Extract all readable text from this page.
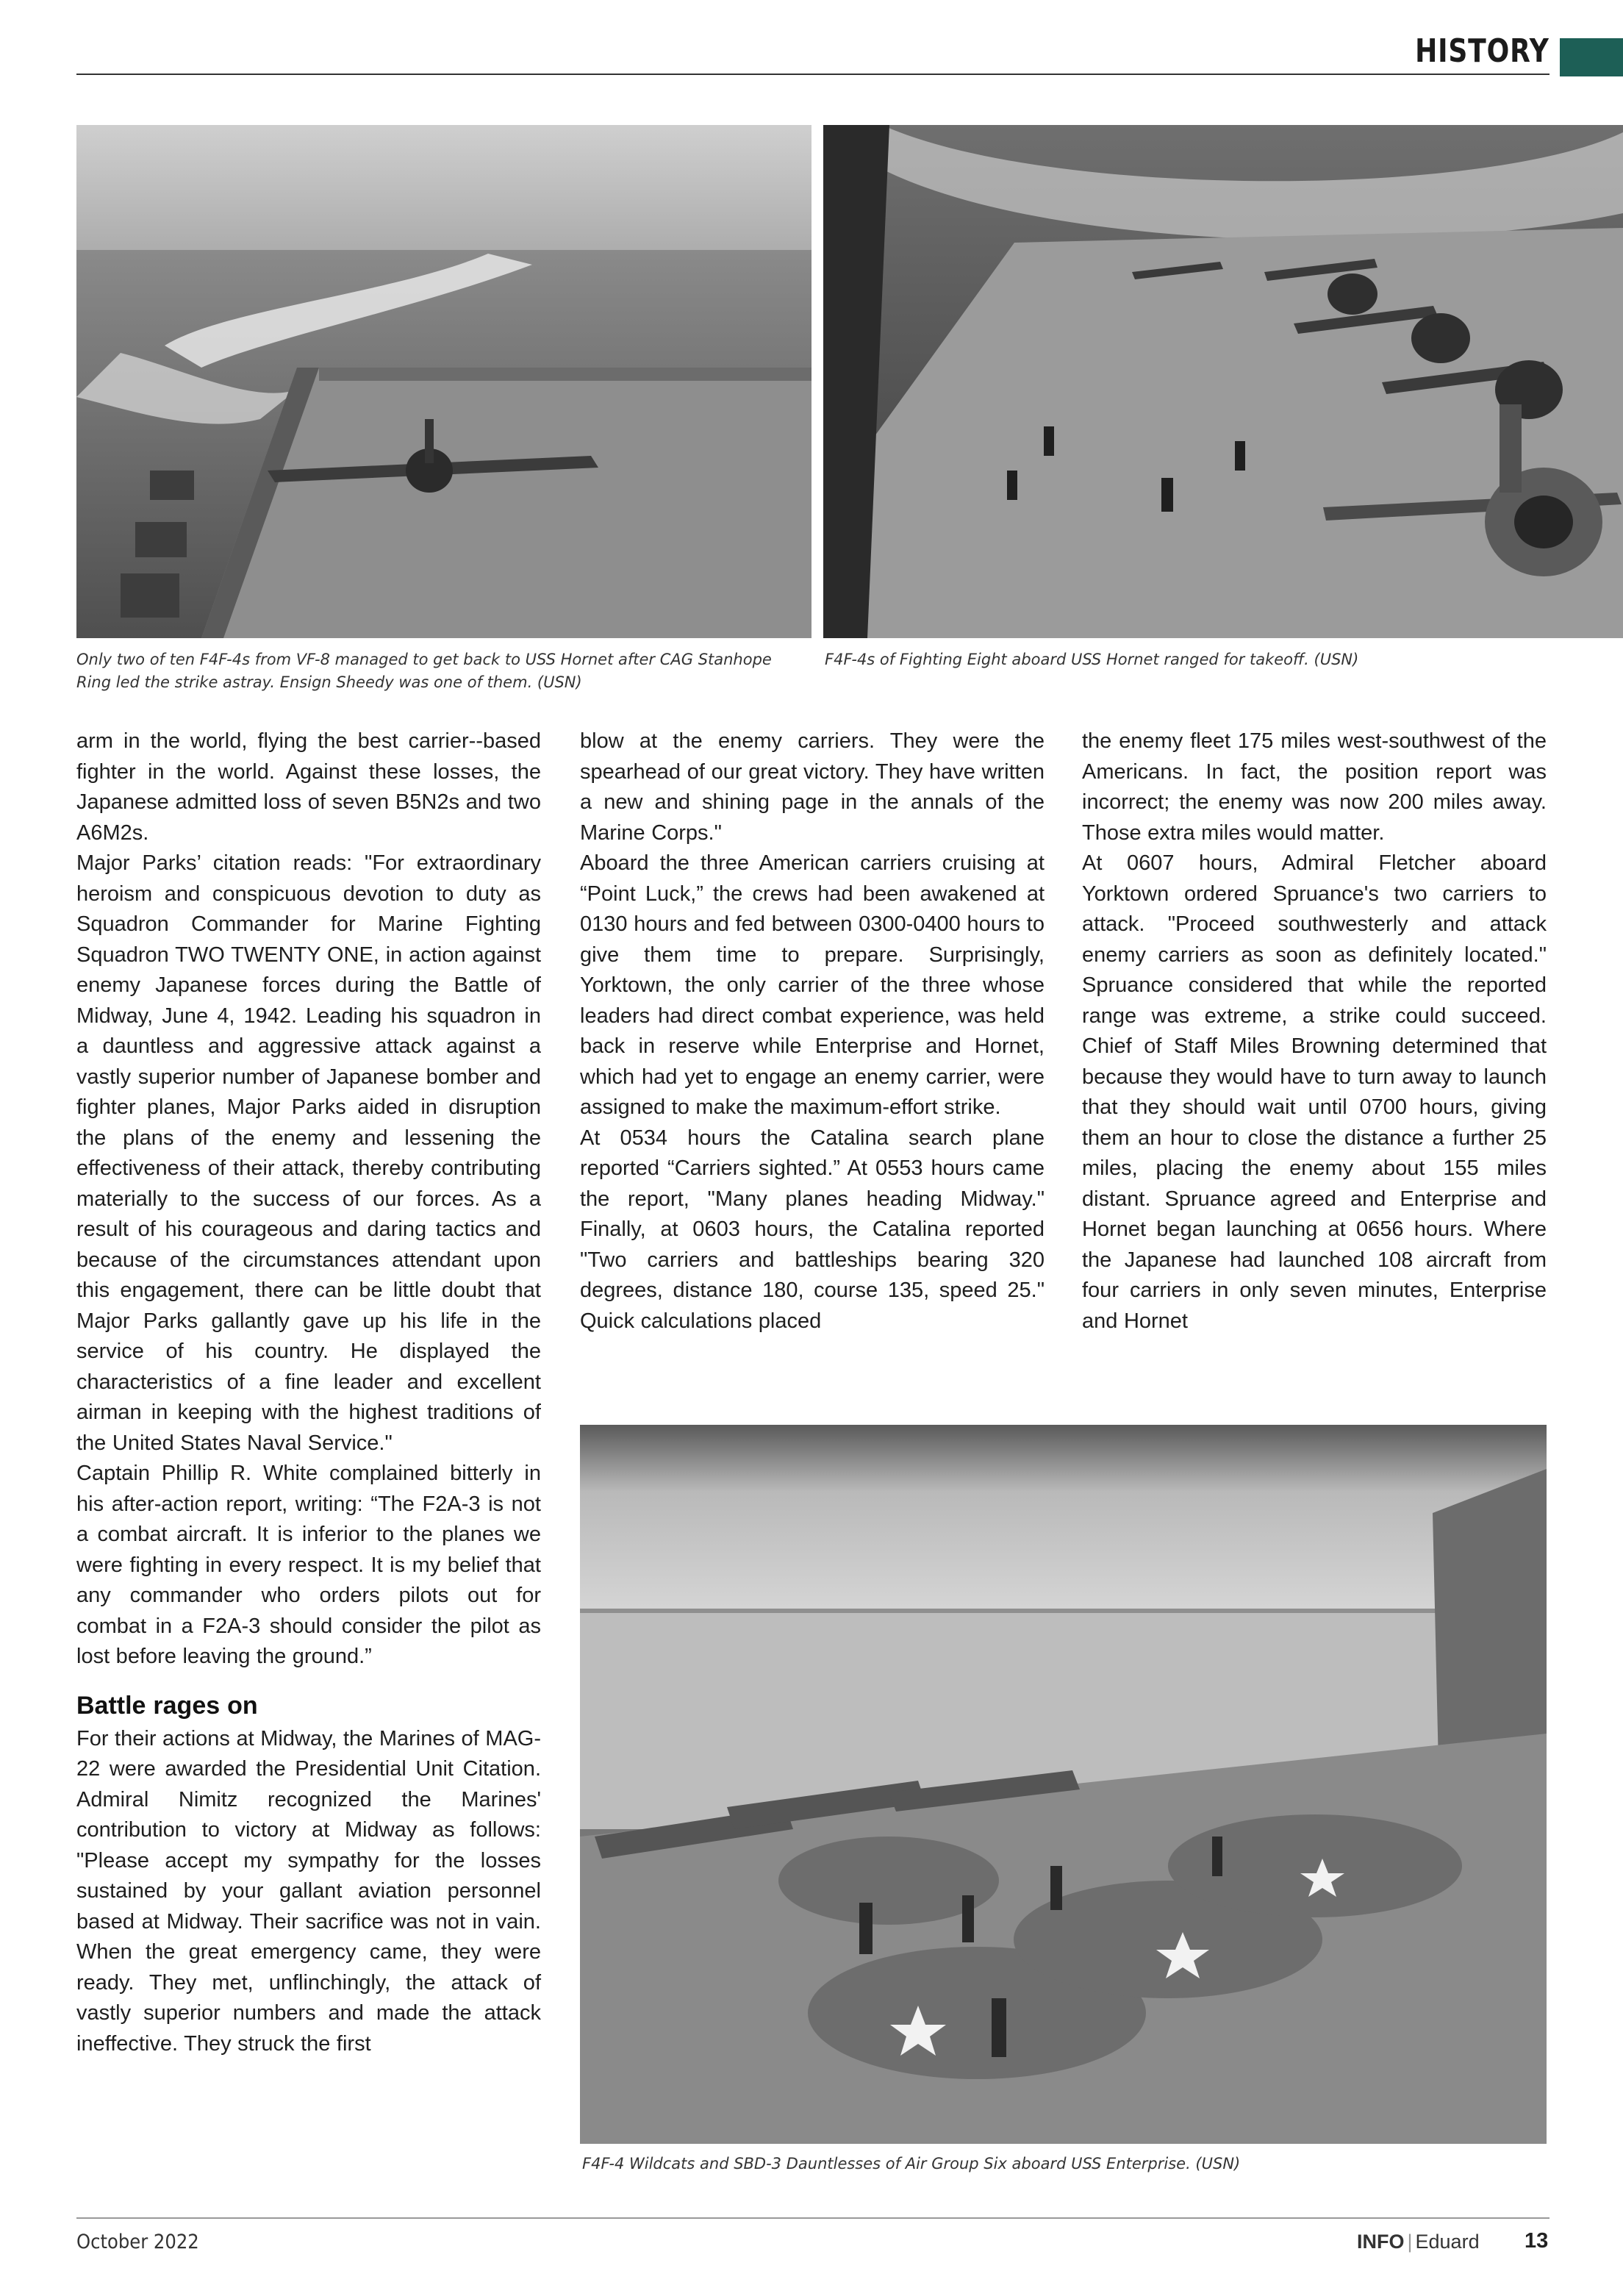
HISTORY
Only two of ten F4F-4s from VF-8 managed to get back to USS Hornet after CAG Stanhope Ring led the strike astray. Ensign Sheedy was one of them. (USN)
F4F-4s of Fighting Eight aboard USS Hornet ranged for takeoff. (USN)

arm in the world, flying the best carrier--based fighter in the world. Against these losses, the Japanese admitted loss of seven B5N2s and two A6M2s.

Major Parks’ citation reads: "For extraordinary heroism and conspicuous devotion to duty as Squadron Commander for Marine Fighting Squadron TWO TWENTY ONE, in action against enemy Japanese forces during the Battle of Midway, June 4, 1942. Leading his squadron in a dauntless and aggressive attack against a vastly superior number of Japanese bomber and fighter planes, Major Parks aided in disruption the plans of the enemy and lessening the effectiveness of their attack, thereby contributing materially to the success of our forces. As a result of his courageous and daring tactics and because of the circumstances attendant upon this engagement, there can be little doubt that Major Parks gallantly gave up his life in the service of his country. He displayed the characteristics of a fine leader and excellent airman in keeping with the highest traditions of the United States Naval Service."

Captain Phillip R. White complained bitterly in his after-action report, writing: “The F2A-3 is not a combat aircraft. It is inferior to the planes we were fighting in every respect. It is my belief that any commander who orders pilots out for combat in a F2A-3 should consider the pilot as lost before leaving the ground.”

Battle rages on

For their actions at Midway, the Marines of MAG-22 were awarded the Presidential Unit Citation. Admiral Nimitz recognized the Marines' contribution to victory at Midway as follows: "Please accept my sympathy for the losses sustained by your gallant aviation personnel based at Midway. Their sacrifice was not in vain. When the great emergency came, they were ready. They met, unflinchingly, the attack of vastly superior numbers and made the attack ineffective. They struck the first

blow at the enemy carriers. They were the spearhead of our great victory. They have written a new and shining page in the annals of the Marine Corps."

Aboard the three American carriers cruising at “Point Luck,” the crews had been awakened at 0130 hours and fed between 0300-0400 hours to give them time to prepare. Surprisingly, Yorktown, the only carrier of the three whose leaders had direct combat experience, was held back in reserve while Enterprise and Hornet, which had yet to engage an enemy carrier, were assigned to make the maximum-effort strike.

At 0534 hours the Catalina search plane reported “Carriers sighted.” At 0553 hours came the report, "Many planes heading Midway." Finally, at 0603 hours, the Catalina reported "Two carriers and battleships bearing 320 degrees, distance 180, course 135, speed 25." Quick calculations placed

the enemy fleet 175 miles west-southwest of the Americans. In fact, the position report was incorrect; the enemy was now 200 miles away. Those extra miles would matter.

At 0607 hours, Admiral Fletcher aboard Yorktown ordered Spruance's two carriers to attack. "Proceed southwesterly and attack enemy carriers as soon as definitely located." Spruance considered that while the reported range was extreme, a strike could succeed. Chief of Staff Miles Browning determined that because they would have to turn away to launch that they should wait until 0700 hours, giving them an hour to close the distance a further 25 miles, placing the enemy about 155 miles distant. Spruance agreed and Enterprise and Hornet began launching at 0656 hours. Where the Japanese had launched 108 aircraft from four carriers in only seven minutes, Enterprise and Hornet

F4F-4 Wildcats and SBD-3 Dauntlesses of Air Group Six aboard USS Enterprise. (USN)
October 2022	INFO | Eduard 13
